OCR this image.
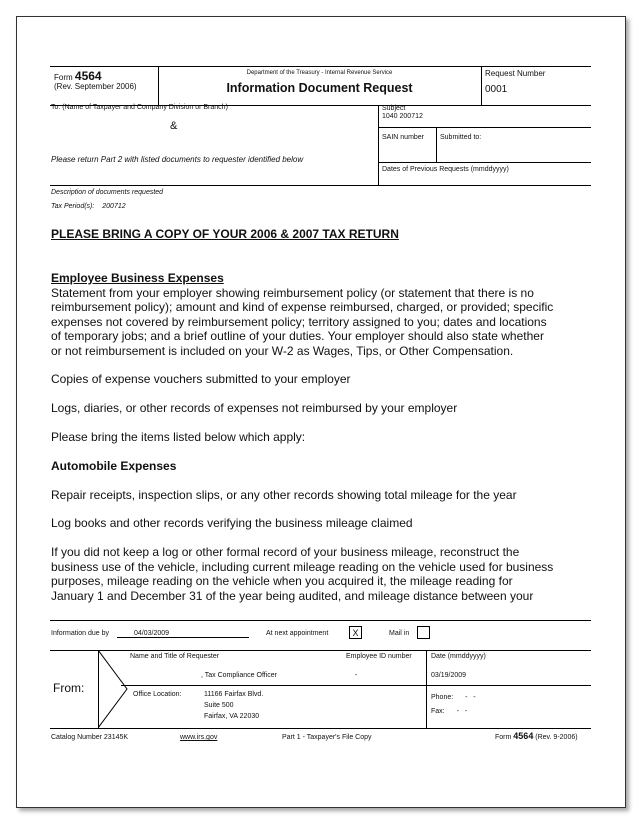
Form 4564
(Rev. September 2006)
Department of the Treasury - Internal Revenue Service
Information Document Request
Request Number
0001
To: (Name of Taxpayer and Company Division or Branch)
&
Please return Part 2 with listed documents to requester identified below
Subject
1040 200712
SAIN number Submitted to:
Dates of Previous Requests (mmddyyyy)
Description of documents requested
Tax Period(s): 200712
PLEASE BRING A COPY OF YOUR 2006 & 2007 TAX RETURN
Employee Business Expenses
Statement from your employer showing reimbursement policy (or statement that there is no
reimbursement policy); amount and kind of expense reimbursed, charged, or provided; specific
expenses not covered by reimbursement policy; territory assigned to you; dates and locations
of temporary jobs; and a brief outline of your duties. Your employer should also state whether
or not reimbursement is included on your W-2 as Wages, Tips, or Other Compensation.
Copies of expense vouchers submitted to your employer
Logs, diaries, or other records of expenses not reimbursed by your employer
Please bring the items listed below which apply:
Automobile Expenses
Repair receipts, inspection slips, or any other records showing total mileage for the year
Log books and other records verifying the business mileage claimed
If you did not keep a log or other formal record of your business mileage, reconstruct the
business use of the vehicle, including current mileage reading on the vehicle used for business
purposes, mileage reading on the vehicle when you acquired it, the mileage reading for
January 1 and December 31 of the year being audited, and mileage distance between your
Information due by	04/03/2009	At next appointment	X	Mail in
From:
Name and Title of Requester
, Tax Compliance Officer
Employee ID number
-
Date (mmddyyyy)
03/19/2009
Office Location:	11166 Fairfax Blvd.
Suite 500
Fairfax, VA 22030
Phone: -   -
Fax: -   -
Catalog Number 23145K	www.irs.gov	Part 1 - Taxpayer's File Copy	Form 4564 (Rev. 9-2006)
